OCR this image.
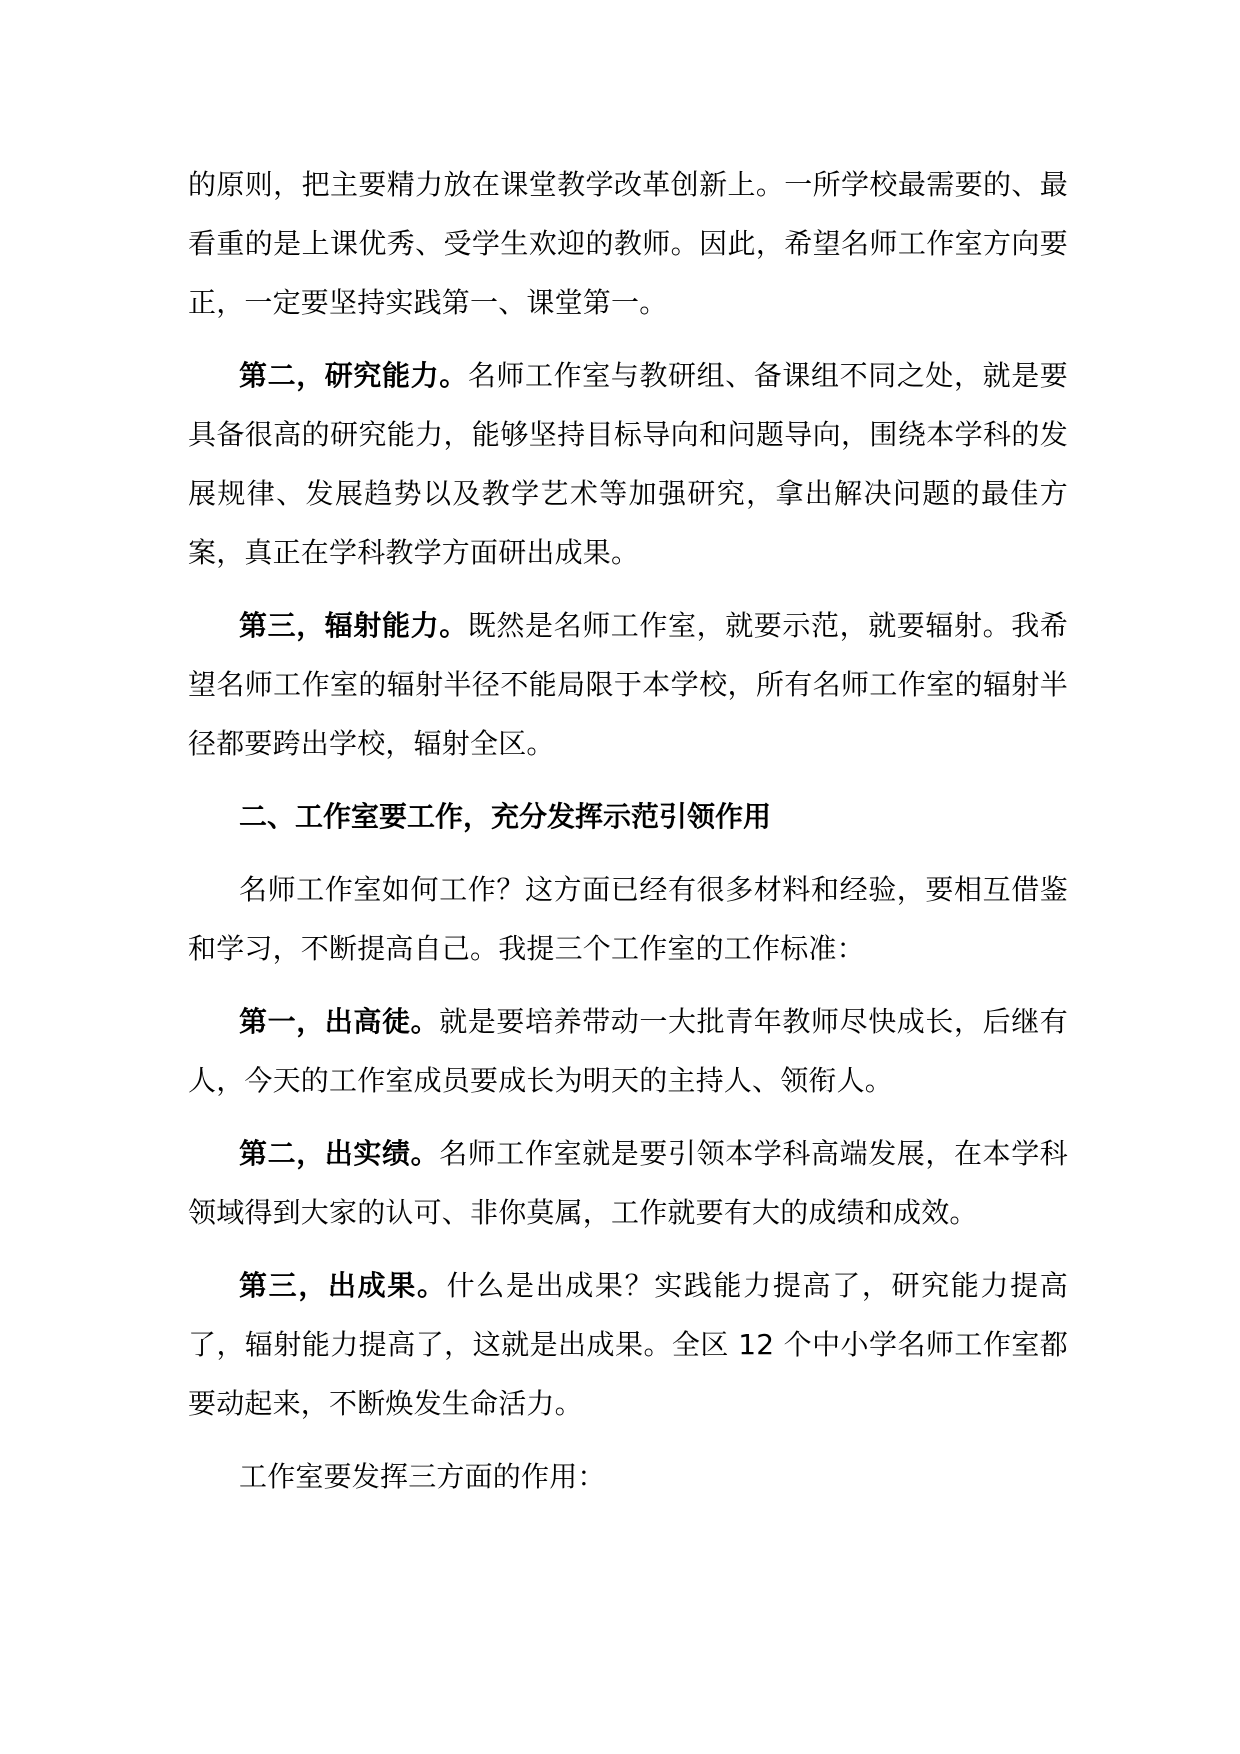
的原则，把主要精力放在课堂教学改革创新上。一所学校最需要的、最看重的是上课优秀、受学生欢迎的教师。因此，希望名师工作室方向要正，一定要坚持实践第一、课堂第一。

第二，研究能力。名师工作室与教研组、备课组不同之处，就是要具备很高的研究能力，能够坚持目标导向和问题导向，围绕本学科的发展规律、发展趋势以及教学艺术等加强研究，拿出解决问题的最佳方案，真正在学科教学方面研出成果。

第三，辐射能力。既然是名师工作室，就要示范，就要辐射。我希望名师工作室的辐射半径不能局限于本学校，所有名师工作室的辐射半径都要跨出学校，辐射全区。

二、工作室要工作，充分发挥示范引领作用

名师工作室如何工作？这方面已经有很多材料和经验，要相互借鉴和学习，不断提高自己。我提三个工作室的工作标准：

第一，出高徒。就是要培养带动一大批青年教师尽快成长，后继有人，今天的工作室成员要成长为明天的主持人、领衔人。

第二，出实绩。名师工作室就是要引领本学科高端发展，在本学科领域得到大家的认可、非你莫属，工作就要有大的成绩和成效。

第三，出成果。什么是出成果？实践能力提高了，研究能力提高了，辐射能力提高了，这就是出成果。全区 12 个中小学名师工作室都要动起来，不断焕发生命活力。

工作室要发挥三方面的作用：
